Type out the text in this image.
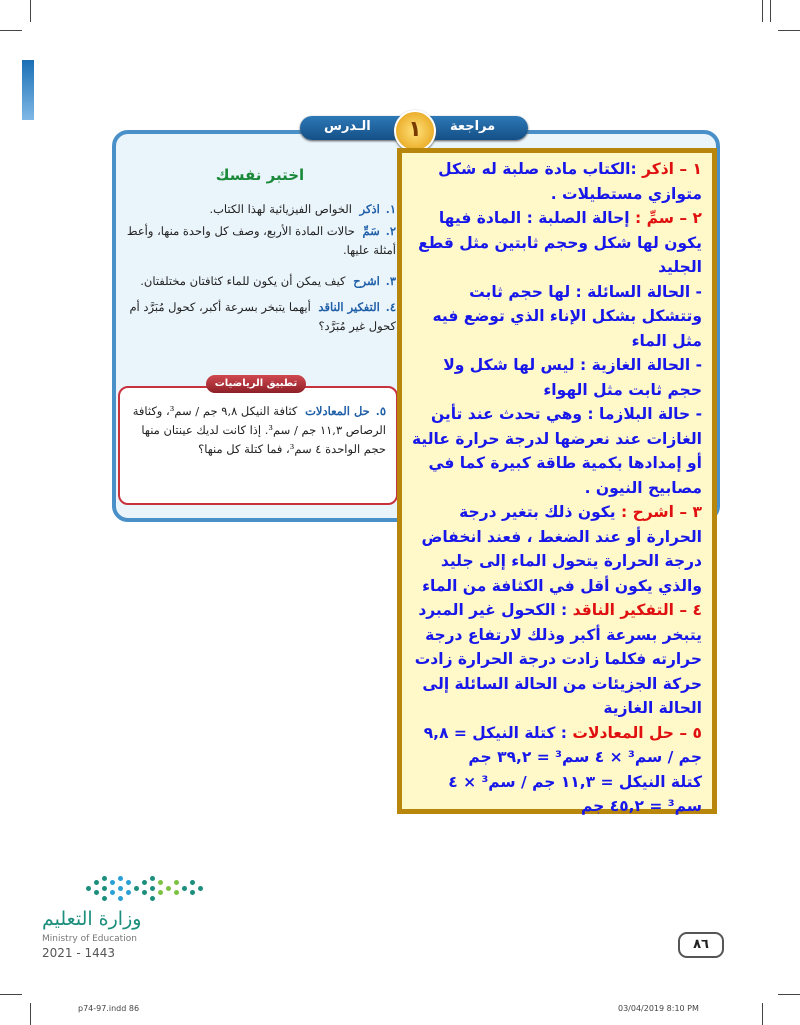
مراجعة
الـدرس	١
اختبر نفسك
١.اذكر الخواص الفيزيائية لهذا الكتاب.
٢.سَمِّ حالات المادة الأربع، وصف كل واحدة منها، وأعط أمثلة عليها.
٣.اشرح كيف يمكن أن يكون للماء كثافتان مختلفتان.
٤.التفكير الناقد أيهما يتبخر بسرعة أكبر، كحول مُبَرَّد أم كحول غير مُبَرَّد؟
تطبيق الرياضيات
٥.حل المعادلات كثافة النيكل ٩,٨ جم / سم³، وكثافة الرصاص ١١,٣ جم / سم³. إذا كانت لديك عينتان منها حجم الواحدة ٤ سم³، فما كتلة كل منها؟

١ – اذكر :الكتاب مادة صلبة له شكل متوازي مستطيلات .

٢ – سمِّ : إحالة الصلبة : المادة فيها يكون لها شكل وحجم ثابتين مثل قطع الجليد

- الحالة السائلة : لها حجم ثابت وتتشكل بشكل الإناء الذي توضع فيه مثل الماء

- الحالة الغازية : ليس لها شكل ولا حجم ثابت مثل الهواء

- حالة البلازما : وهي تحدث عند تأين الغازات عند نعرضها لدرجة حرارة عالية أو إمدادها بكمية طاقة كبيرة كما في مصابيح النيون .

٣ – اشرح : يكون ذلك بتغير درجة الحرارة أو عند الضغط ، فعند انخفاض درجة الحرارة يتحول الماء إلى جليد والذي يكون أقل في الكثافة من الماء

٤ – التفكير الناقد : الكحول غير المبرد يتبخر بسرعة أكبر وذلك لارتفاع درجة حرارته فكلما زادت درجة الحرارة زادت حركة الجزيئات من الحالة السائلة إلى الحالة الغازية

٥ – حل المعادلات : كتلة النيكل = ٩,٨ جم / سم³ × ٤ سم³ = ٣٩,٢ جم

كتلة النيكل = ١١,٣ جم / سم³ × ٤ سم³ = ٤٥,٢ جم

وزارة التعليم
Ministry of Education
2021 - 1443
٨٦
p74-97.indd 86	03/04/2019 8:10 PM
